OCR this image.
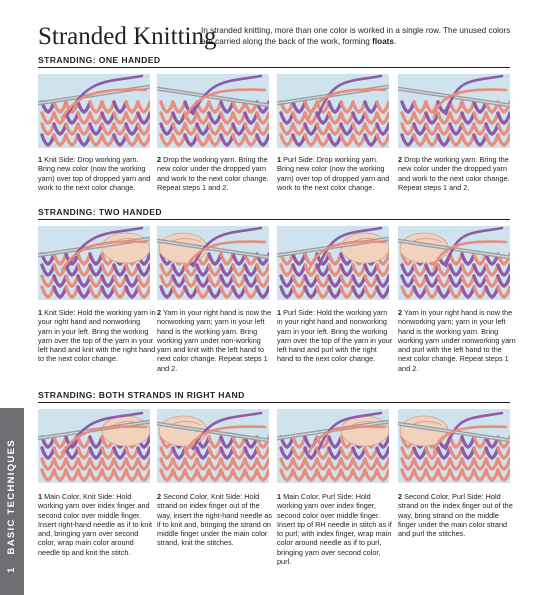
1   BASIC TECHNIQUES
Stranded Knitting
In stranded knitting, more than one color is worked in a single row. The unused colors are carried along the back of the work, forming floats.
STRANDING: ONE HANDED
1 Knit Side: Drop working yarn. Bring new color (now the working yarn) over top of dropped yarn and work to the next color change.
2 Drop the working yarn. Bring the new color under the dropped yarn and work to the next color change. Repeat steps 1 and 2.
1 Purl Side: Drop working yarn. Bring new color (now the working yarn) over top of dropped yarn and work to the next color change.
2 Drop the working yarn. Bring the new color under the dropped yarn and work to the next color change. Repeat steps 1 and 2.
STRANDING: TWO HANDED
1 Knit Side: Hold the working yarn in your right hand and nonworking yarn in your left. Bring the working yarn over the top of the yarn in your left hand and knit with the right hand to the next color change.
2 Yarn in your right hand is now the nonworking yarn; yarn in your left hand is the working yarn. Bring working yarn under non-working yarn and knit with the left hand to next color change. Repeat steps 1 and 2.
1 Purl Side: Hold the working yarn in your right hand and nonworking yarn in your left. Bring the working yarn over the top of the yarn in your left hand and purl with the right hand to the next color change.
2 Yarn in your right hand is now the nonworking yarn; yarn in your left hand is the working yarn. Bring working yarn under nonworking yarn and purl with the left hand to the next color change. Repeat steps 1 and 2.
STRANDING: BOTH STRANDS IN RIGHT HAND
1 Main Color, Knit Side: Hold working yarn over index finger and second color over middle finger. Insert right-hand needle as if to knit and, bringing yarn over second color, wrap main color around needle tip and knit the stitch.
2 Second Color, Knit Side: Hold strand on index finger out of the way, insert the right-hand needle as if to knit and, bringing the strand on middle finger under the main color strand, knit the stitches.
1 Main Color, Purl Side: Hold working yarn over index finger, second color over middle finger. Insert tip of RH needle in stitch as if to purl; with index finger, wrap main color around needle as if to purl, bringing yarn over second color, purl.
2 Second Color, Purl Side: Hold strand on the index finger out of the way, bring strand on the middle finger under the main color strand and purl the stitches.
